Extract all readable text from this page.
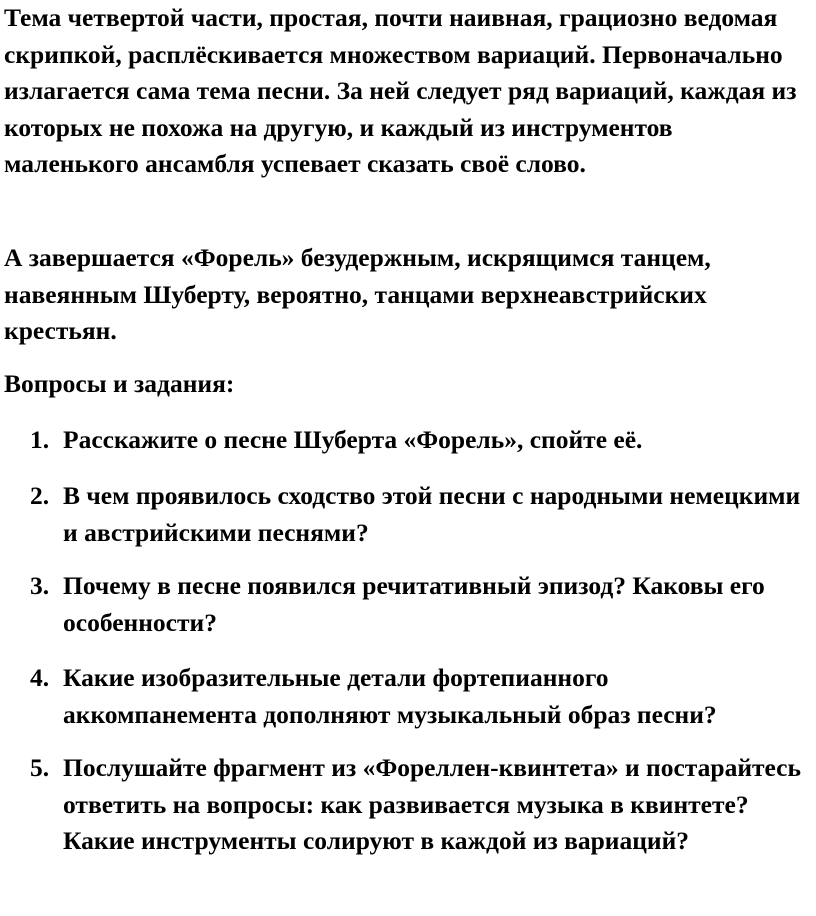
Тема четвертой части, простая, почти наивная, грациозно ведомая скрипкой, расплёскивается множеством вариаций. Первоначально излагается сама тема песни. За ней следует ряд вариаций, каждая из которых не похожа на другую, и каждый из инструментов маленького ансамбля успевает сказать своё слово.

А завершается «Форель» безудержным, искрящимся танцем, навеянным Шуберту, вероятно, танцами верхнеавстрийских крестьян.

Вопросы и задания:

1. Расскажите о песне Шуберта «Форель», спойте её.
2. В чем проявилось сходство этой песни с народными немецкими и австрийскими песнями?
3. Почему в песне появился речитативный эпизод? Каковы его особенности?
4. Какие изобразительные детали фортепианного аккомпанемента дополняют музыкальный образ песни?
5. Послушайте фрагмент из «Фореллен-квинтета» и постарайтесь ответить на вопросы: как развивается музыка в квинтете? Какие инструменты солируют в каждой из вариаций?
